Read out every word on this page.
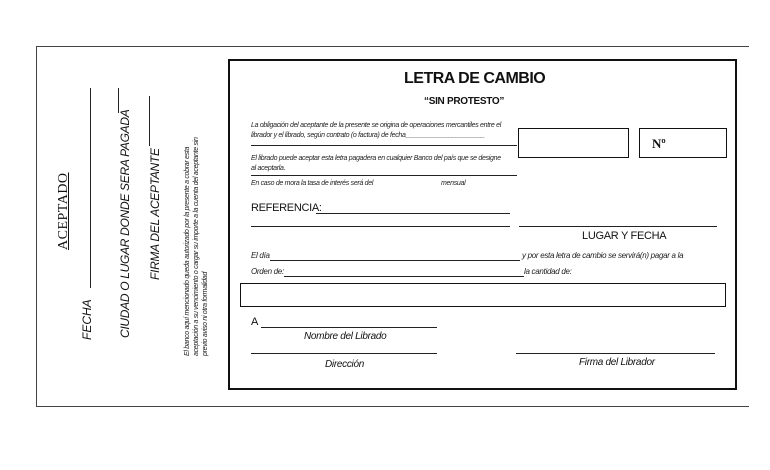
ACEPTADO
FECHA CIUDAD O LUGAR DONDE SERA PAGADA FIRMA DEL ACEPTANTE	El banco aquí mencionado queda autorizado por la presente a cobrar esta aceptación a su vencimiento o cargar su importe a la cuenta del aceptante sin previo aviso ni otra formalidad
LETRA DE CAMBIO
“SIN PROTESTO”
La obligación del aceptante de la presente se origina de operaciones mercantiles entre el
librador y el librado, según contrato (o factura) de fecha______________________
El librado puede aceptar esta letra pagadera en cualquier Banco del país que se designe
al aceptarla.
En caso de mora la tasa de interés será del	mensual
Nº
REFERENCIA:
LUGAR Y FECHA
El día	y por esta letra de cambio se servirá(n) pagar a la
Orden de:	la cantidad de:
A
Nombre del Librado
Dirección	Firma del Librador
